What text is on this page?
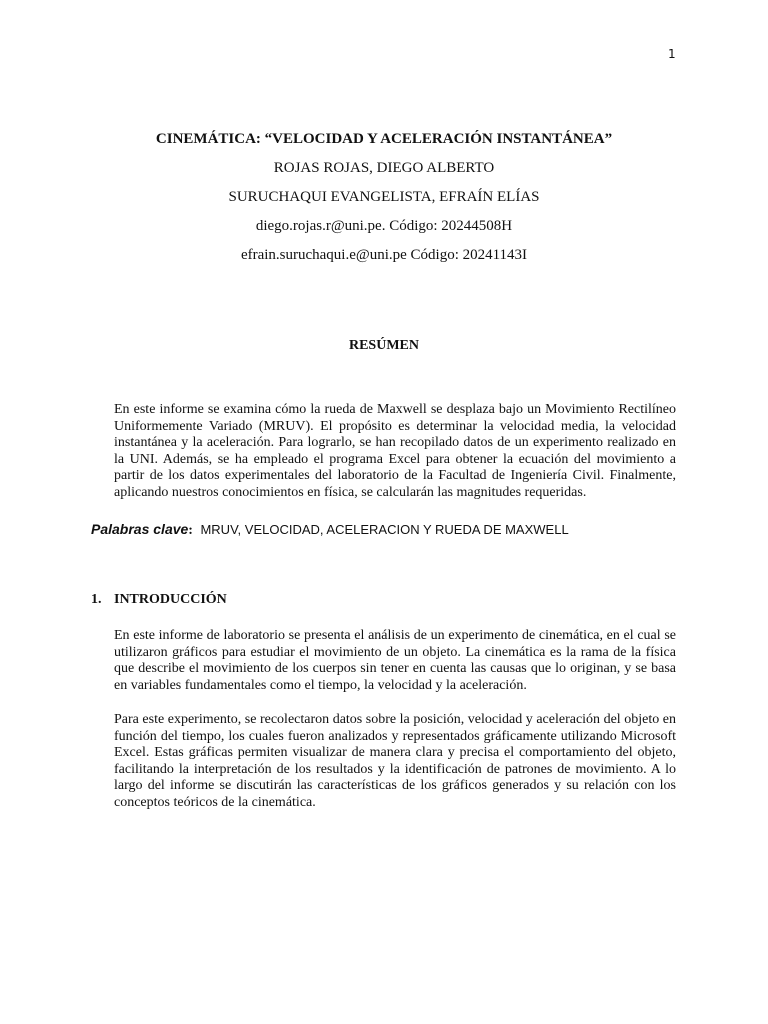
1
CINEMÁTICA: “VELOCIDAD Y ACELERACIÓN INSTANTÁNEA”
ROJAS ROJAS, DIEGO ALBERTO
SURUCHAQUI EVANGELISTA, EFRAÍN ELÍAS
diego.rojas.r@uni.pe. Código: 20244508H
efrain.suruchaqui.e@uni.pe Código: 20241143I
RESÚMEN

En este informe se examina cómo la rueda de Maxwell se desplaza bajo un Movimiento Rectilíneo Uniformemente Variado (MRUV). El propósito es determinar la velocidad media, la velocidad instantánea y la aceleración. Para lograrlo, se han recopilado datos de un experimento realizado en la UNI. Además, se ha empleado el programa Excel para obtener la ecuación del movimiento a partir de los datos experimentales del laboratorio de la Facultad de Ingeniería Civil. Finalmente, aplicando nuestros conocimientos en física, se calcularán las magnitudes requeridas.

Palabras clave: MRUV, VELOCIDAD, ACELERACION Y RUEDA DE MAXWELL
1. INTRODUCCIÓN

En este informe de laboratorio se presenta el análisis de un experimento de cinemática, en el cual se utilizaron gráficos para estudiar el movimiento de un objeto. La cinemática es la rama de la física que describe el movimiento de los cuerpos sin tener en cuenta las causas que lo originan, y se basa en variables fundamentales como el tiempo, la velocidad y la aceleración.

Para este experimento, se recolectaron datos sobre la posición, velocidad y aceleración del objeto en función del tiempo, los cuales fueron analizados y representados gráficamente utilizando Microsoft Excel. Estas gráficas permiten visualizar de manera clara y precisa el comportamiento del objeto, facilitando la interpretación de los resultados y la identificación de patrones de movimiento. A lo largo del informe se discutirán las características de los gráficos generados y su relación con los conceptos teóricos de la cinemática.
